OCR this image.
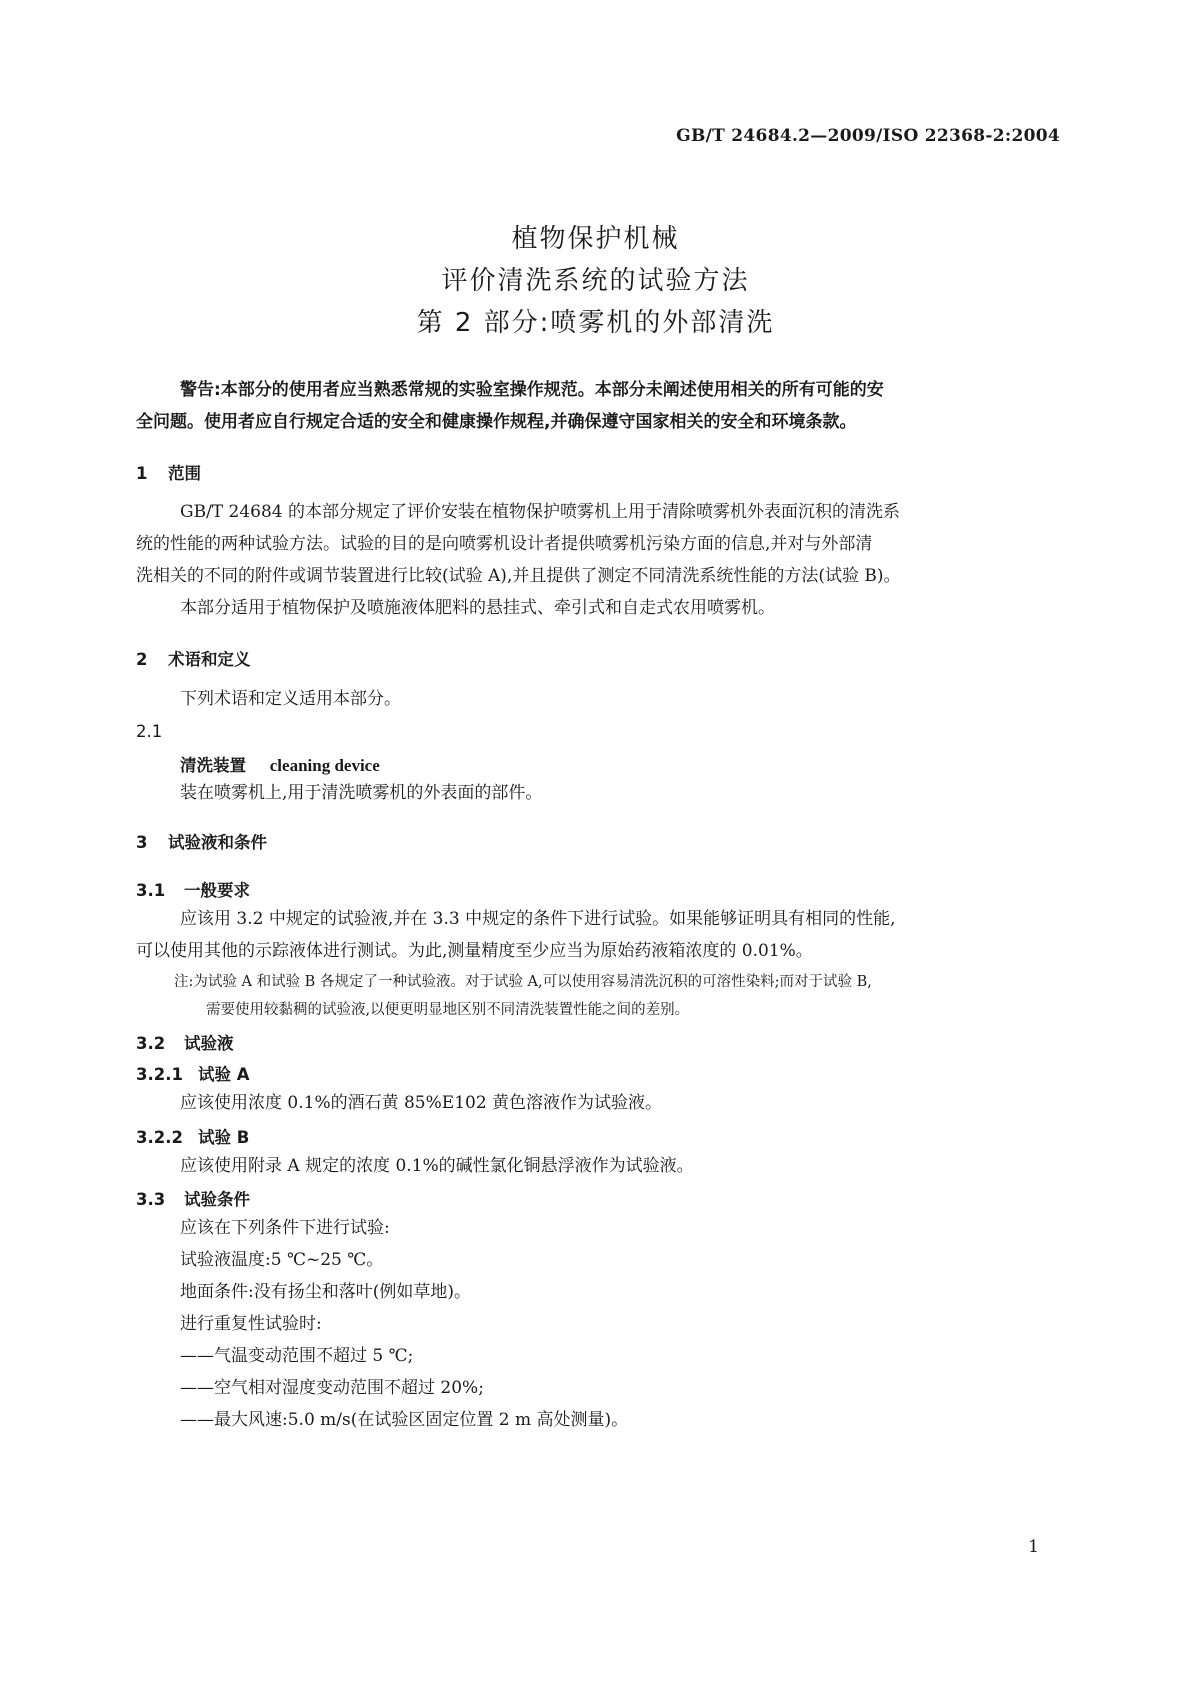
GB/T 24684.2—2009/ISO 22368-2:2004
植物保护机械
评价清洗系统的试验方法
第 2 部分:喷雾机的外部清洗
警告:本部分的使用者应当熟悉常规的实验室操作规范。本部分未阐述使用相关的所有可能的安
全问题。使用者应自行规定合适的安全和健康操作规程,并确保遵守国家相关的安全和环境条款。
1 范围
GB/T 24684 的本部分规定了评价安装在植物保护喷雾机上用于清除喷雾机外表面沉积的清洗系
统的性能的两种试验方法。试验的目的是向喷雾机设计者提供喷雾机污染方面的信息,并对与外部清
洗相关的不同的附件或调节装置进行比较(试验 A),并且提供了测定不同清洗系统性能的方法(试验 B)。
本部分适用于植物保护及喷施液体肥料的悬挂式、牵引式和自走式农用喷雾机。
2 术语和定义
下列术语和定义适用本部分。
2.1
清洗装置 cleaning device
装在喷雾机上,用于清洗喷雾机的外表面的部件。
3 试验液和条件
3.1 一般要求
应该用 3.2 中规定的试验液,并在 3.3 中规定的条件下进行试验。如果能够证明具有相同的性能,
可以使用其他的示踪液体进行测试。为此,测量精度至少应当为原始药液箱浓度的 0.01%。
注:为试验 A 和试验 B 各规定了一种试验液。对于试验 A,可以使用容易清洗沉积的可溶性染料;而对于试验 B,
需要使用较黏稠的试验液,以便更明显地区别不同清洗装置性能之间的差别。
3.2 试验液
3.2.1 试验 A
应该使用浓度 0.1%的酒石黄 85%E102 黄色溶液作为试验液。
3.2.2 试验 B
应该使用附录 A 规定的浓度 0.1%的碱性氯化铜悬浮液作为试验液。
3.3 试验条件
应该在下列条件下进行试验:
试验液温度:5 ℃~25 ℃。
地面条件:没有扬尘和落叶(例如草地)。
进行重复性试验时:
——气温变动范围不超过 5 ℃;
——空气相对湿度变动范围不超过 20%;
——最大风速:5.0 m/s(在试验区固定位置 2 m 高处测量)。
1
